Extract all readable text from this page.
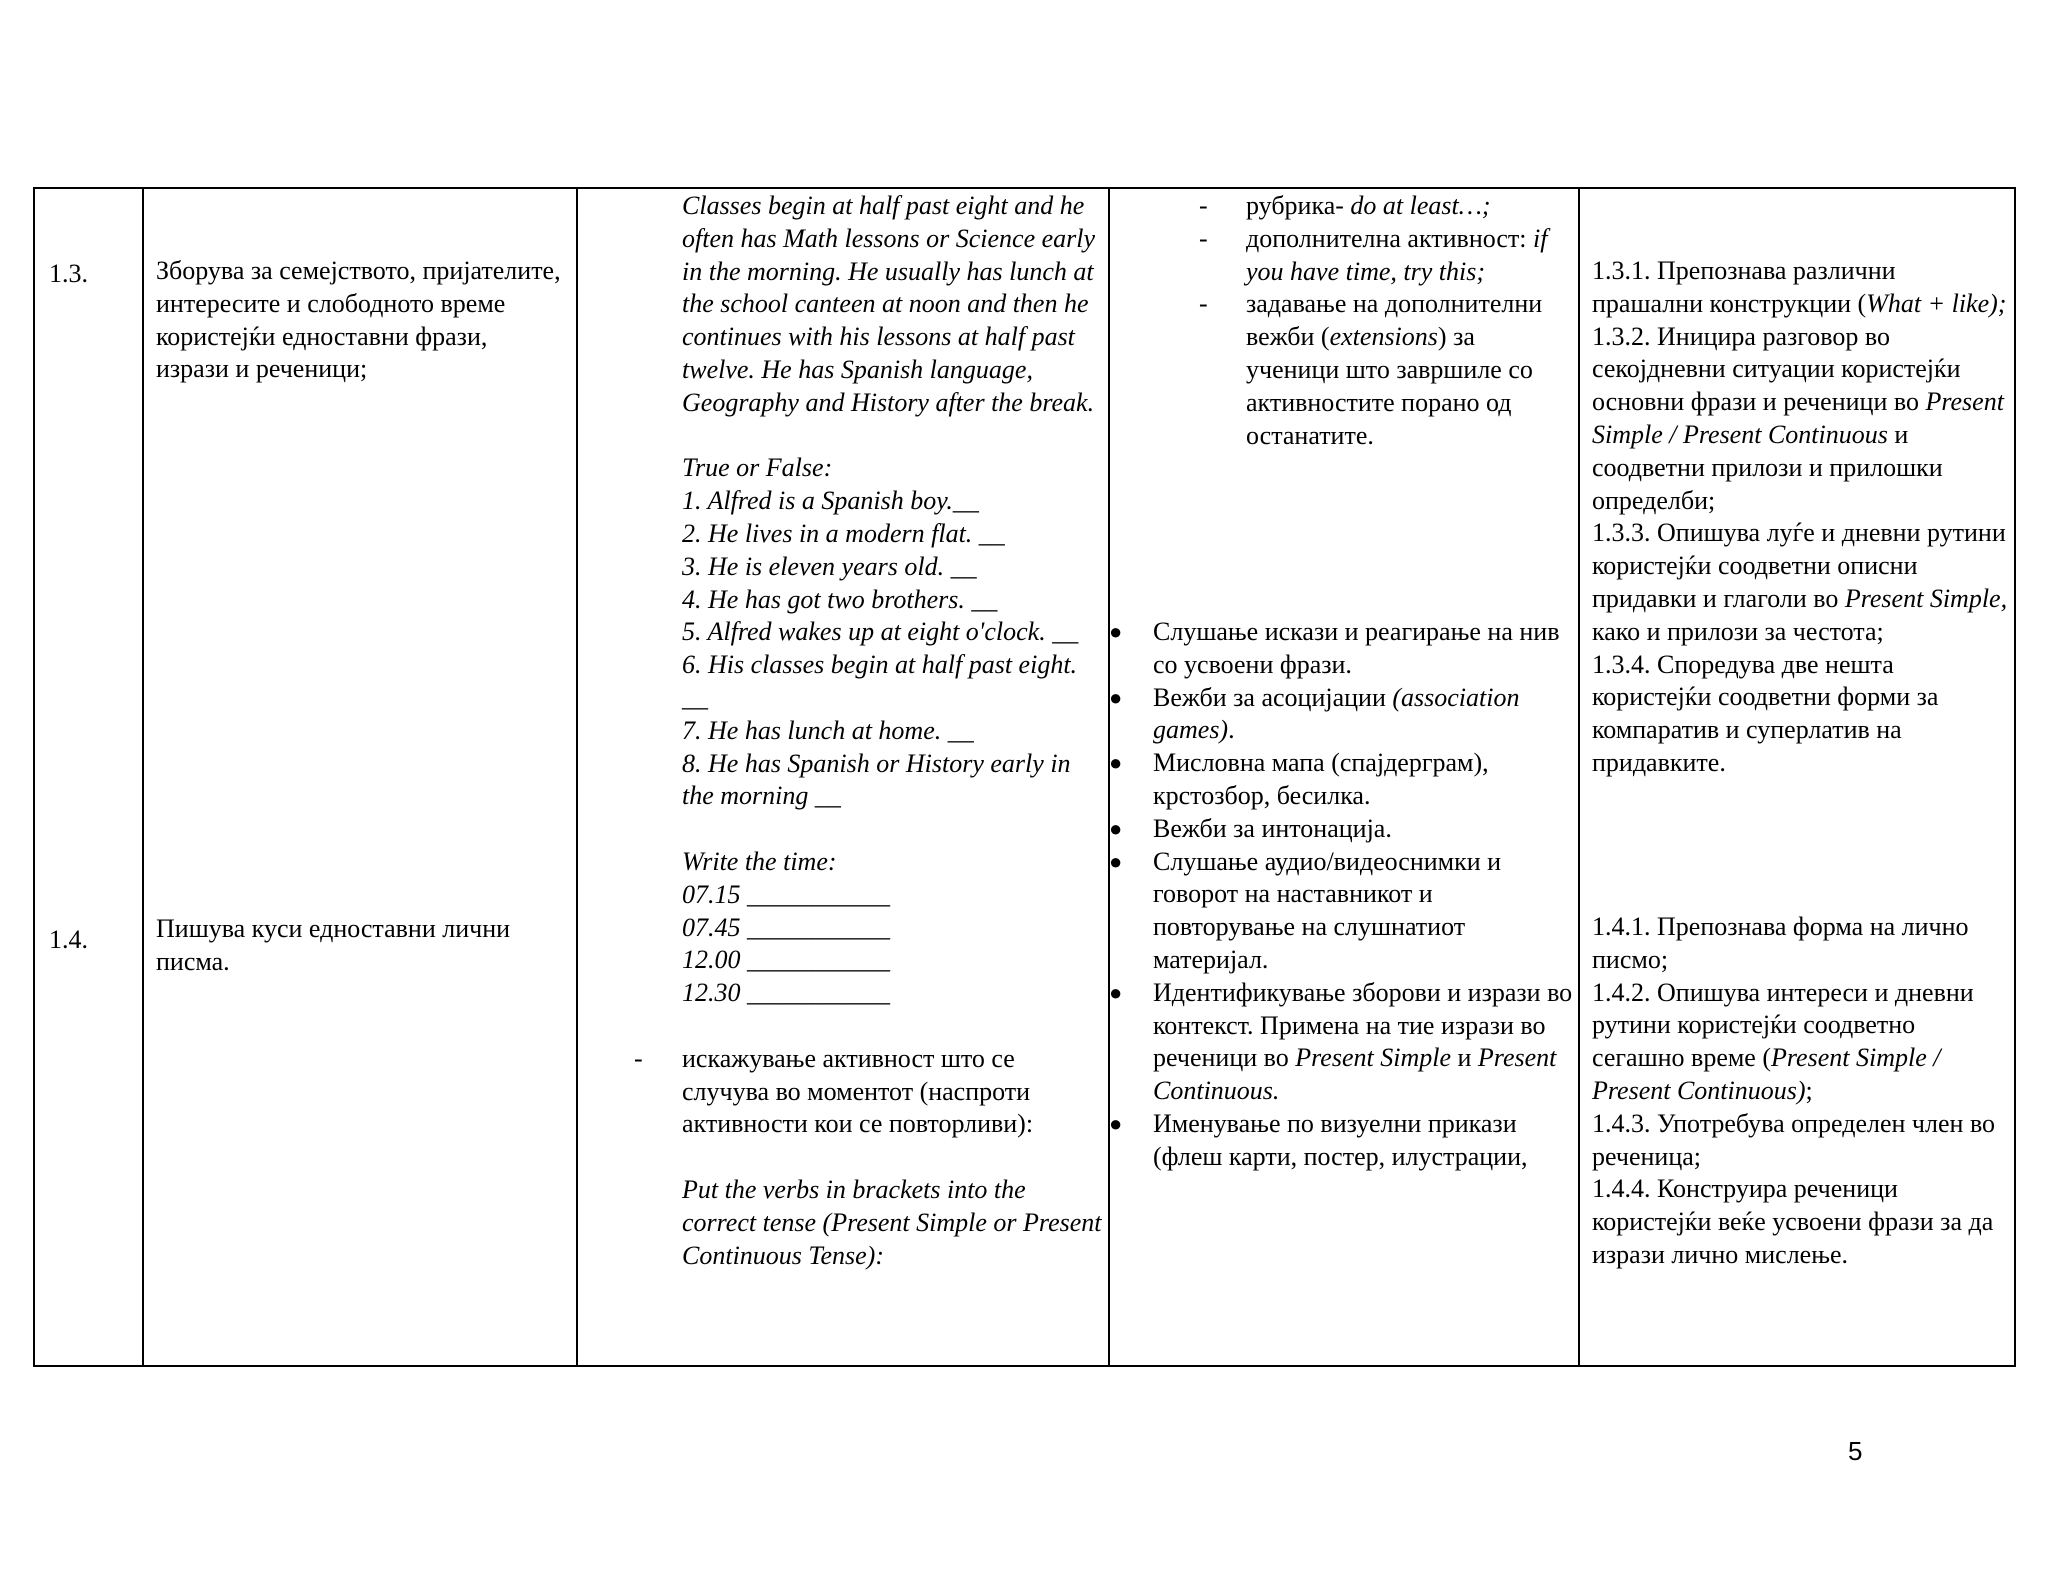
1.3.
1.4.
Зборува за семејството, пријателите, интересите и слободното време користејќи едноставни фрази, изрази и реченици;
Пишува куси едноставни лични писма.

Classes begin at half past eight and he often has Math lessons or Science early in the morning. He usually has lunch at the school canteen at noon and then he continues with his lessons at half past twelve. He has Spanish language, Geography and History after the break.

True or False:

1. Alfred is a Spanish boy.__

2. He lives in a modern flat. __

3. He is eleven years old. __

4. He has got two brothers. __

5. Alfred wakes up at eight o'clock. __

6. His classes begin at half past eight. __

7. He has lunch at home. __

8. He has Spanish or History early in the morning __

Write the time:

07.15 ___________

07.45 ___________

12.00 ___________

12.30 ___________

- искажување активност што се случува во моментот (наспроти активности кои се повторливи):

Put the verbs in brackets into the correct tense (Present Simple or Present Continuous Tense):

- рубрика- do at least…;

- дополнителна активност: if you have time, try this;

- задавање на дополнителни вежби (extensions) за ученици што завршиле со активностите порано од останатите.

● Слушање искази и реагирање на нив со усвоени фрази.
● Вежби за асоцијации (association games).
● Мисловна мапа (спајдерграм), крстозбор, бесилка.
● Вежби за интонација.
● Слушање аудио/видеоснимки и говорот на наставникот и повторување на слушнатиот материјал.
● Идентификување зборови и изрази во контекст. Примена на тие изрази во реченици во Present Simple и Present Continuous.
● Именување по визуелни прикази (флеш карти, постер, илустрации,

1.3.1. Препознава различни прашални конструкции (What + like);

1.3.2. Иницира разговор во секојдневни ситуации користејќи основни фрази и реченици во Present Simple / Present Continuous и соодветни прилози и прилошки определби;

1.3.3. Опишува луѓе и дневни рутини користејќи соодветни описни придавки и глаголи во Present Simple, како и прилози за честота;

1.3.4. Споредува две нешта користејќи соодветни форми за компаратив и суперлатив на придавките.

1.4.1. Препознава форма на лично писмо;

1.4.2. Опишува интереси и дневни рутини користејќи соодветно сегашно време (Present Simple / Present Continuous);

1.4.3. Употребува определен член во реченица;

1.4.4. Конструира реченици користејќи веќе усвоени фрази за да изрази лично мислење.

5
